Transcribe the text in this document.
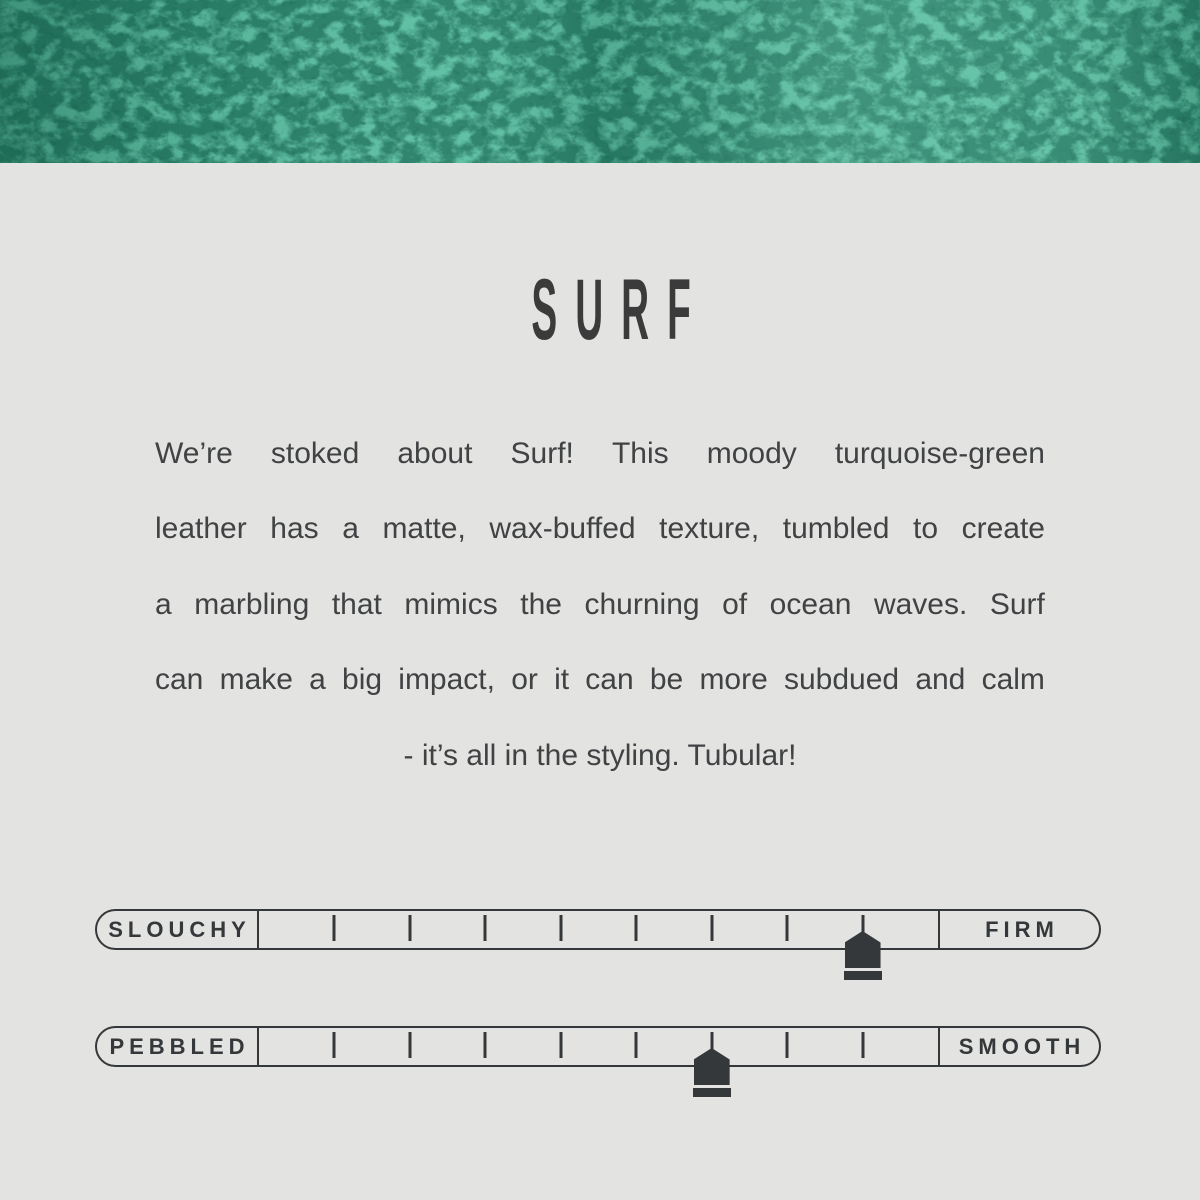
SURF
We’re stoked about Surf! This moody turquoise-green
leather has a matte, wax-buffed texture, tumbled to create
a marbling that mimics the churning of ocean waves. Surf
can make a big impact, or it can be more subdued and calm
- it’s all in the styling. Tubular!
SLOUCHY	FIRM
PEBBLED	SMOOTH
